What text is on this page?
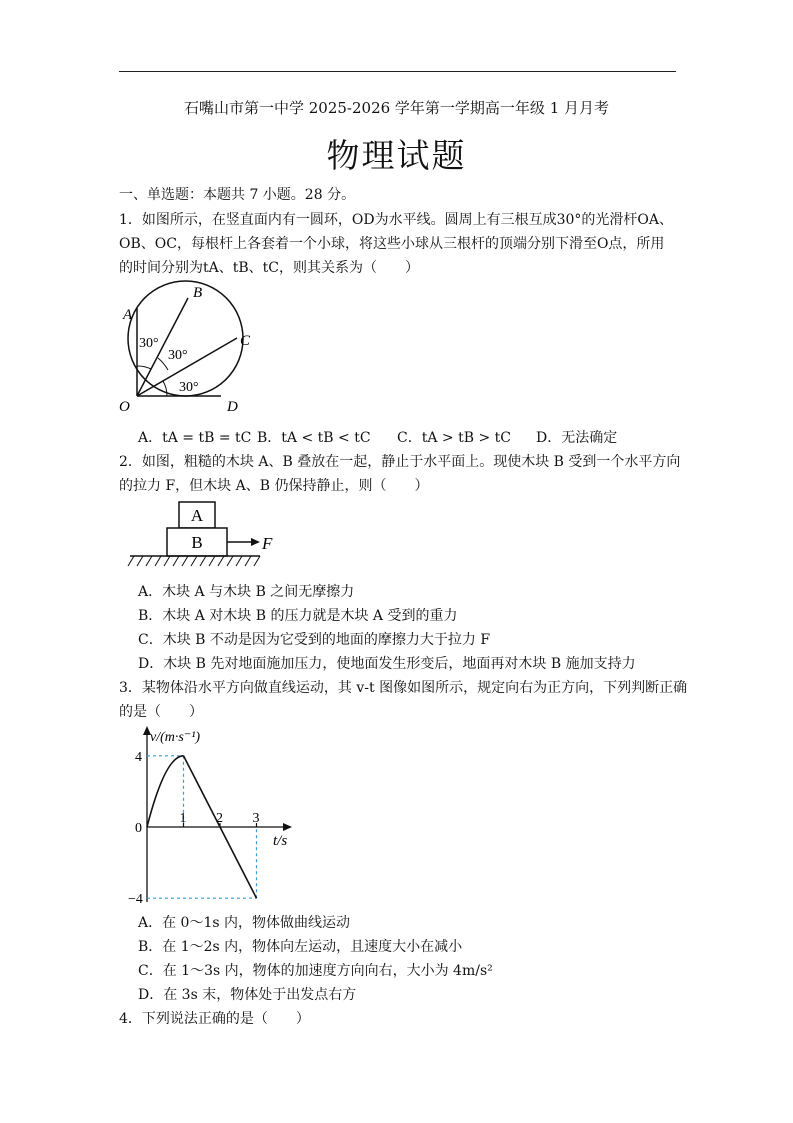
石嘴山市第一中学 2025-2026 学年第一学期高一年级 1 月月考
物理试题
一、单选题：本题共 7 小题。28 分。
1．如图所示，在竖直面内有一圆环，OD为水平线。圆周上有三根互成30°的光滑杆OA、
OB、OC，每根杆上各套着一个小球，将这些小球从三根杆的顶端分别下滑至O点，所用
的时间分别为tA、tB、tC，则其关系为（　　）
A
B
C
O	D
30°
30°
30°
A．tA = tB = tC B．tA < tB < tC C．tA > tB > tC D．无法确定
2．如图，粗糙的木块 A、B 叠放在一起，静止于水平面上。现使木块 B 受到一个水平方向
的拉力 F，但木块 A、B 仍保持静止，则（　　）
A
B	F
A．木块 A 与木块 B 之间无摩擦力
B．木块 A 对木块 B 的压力就是木块 A 受到的重力
C．木块 B 不动是因为它受到的地面的摩擦力大于拉力 F
D．木块 B 先对地面施加压力，使地面发生形变后，地面再对木块 B 施加支持力
3．某物体沿水平方向做直线运动，其 v-t 图像如图所示，规定向右为正方向，下列判断正确
的是（　　）
1 2 3
4
0
−4
v/(m·s⁻¹)
t/s
A．在 0～1s 内，物体做曲线运动
B．在 1～2s 内，物体向左运动，且速度大小在减小
C．在 1～3s 内，物体的加速度方向向右，大小为 4m/s²
D．在 3s 末，物体处于出发点右方
4．下列说法正确的是（　　）
